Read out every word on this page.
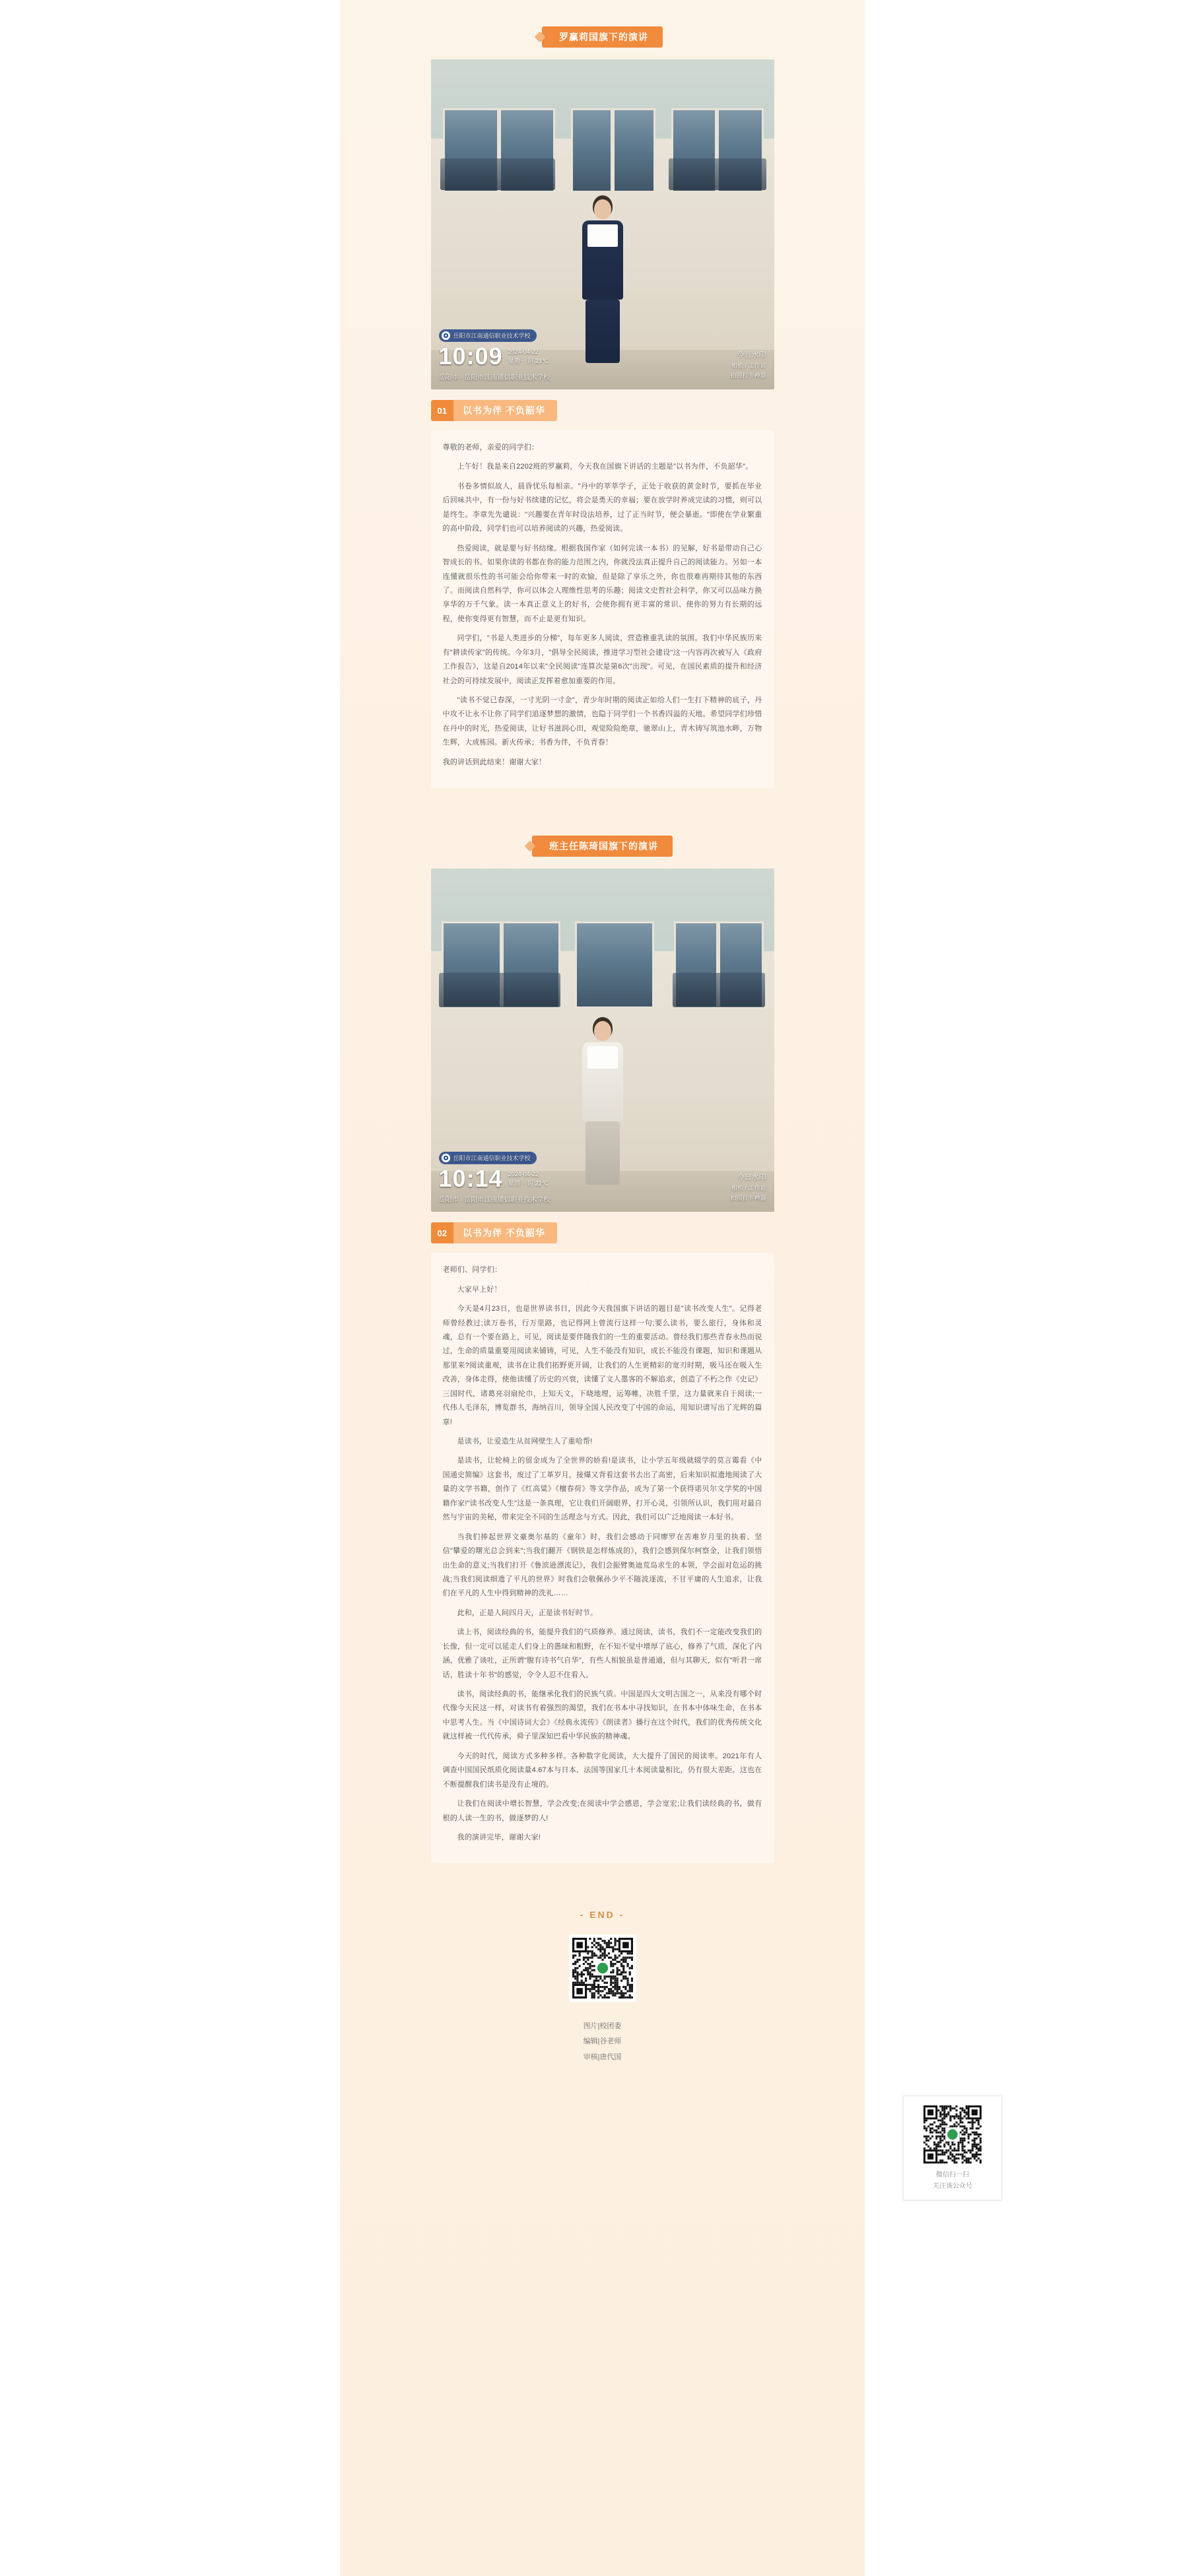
罗赢莉国旗下的演讲
岳阳市江南通信职业技术学校
10:09 2024-04-22
星期一 阴 23℃
岳阳市 · 岳阳市江南通信职业技术学校
今日水印
相机 / 工作证
拍照打卡神器
01	以书为伴 不负韶华

尊敬的老师，亲爱的同学们：

上午好！我是来自2202班的罗赢莉，今天我在国旗下讲话的主题是"以书为伴，不负韶华"。

书卷多情似故人，晨昏忧乐每相亲。"丹中的莘莘学子，正处于收获的黄金时节，要抓在毕业后回味共中，有一份与好书续建的记忆，将会是勇天的幸福；要在放学时养成完读的习惯，则可以是终生。李章先先谴说："兴趣要在青年时设法培养，过了正当时节，便会暴逝。"即使在学业繁重的高中阶段，同学们也可以培养阅读的兴趣，热爱阅读。

热爱阅读，就是要与好书结缘。根据我国作家（如何完读一本书）的见解，好书是带动自己心智成长的书。如果你读的书都在你的能力范围之内，你就没法真正提升自己的阅读能力。另如一本连懂就很乐性的书可能会给你带来一时的欢愉，但是除了享乐之外，你也很难再期待其他的东西了。而阅读自然科学，你可以体会人理维性思考的乐趣；阅读文史哲社会科学，你又可以品味方换享华的万千气象。读一本真正意义上的好书，会使你拥有更丰富的常识、使你的努力有长期的远程，使你变得更有智慧，而不止是更有知识。

同学们，"书是人类进步的分梯"，每年更多人阅读，营造雅重乳读的氛围。我们中华民族历来有"耕读传家"的传统。今年3月，"倡导全民阅读，推进学习型社会建设"这一内容再次被写入《政府工作报告》，这是自2014年以来"全民阅读"连算次是第6次"出现"。可见，在国民素质的提升和经济社会的可持续发展中，阅读正发挥着愈加重要的作用。

"读书不觉已春深，一寸光阴一寸金"，青少年时期的阅读正如给人们一生打下精神的底子，丹中攻不让永不让你了同学们追逐梦想的激情，也隐于同学们一个书香四溢的天地。希望同学们珍惜在丹中的时光，热爱阅读，让好书滋润心田，观觉险险绝章，驰翠山上，青木铸写筑池水畔，万物生辉，大成栋园。新火传承；书香为伴，不负青春！

我的讲话到此结束！谢谢大家！

班主任陈琦国旗下的演讲
岳阳市江南通信职业技术学校
10:14 2024-04-22
星期一 阴 22℃
岳阳市 · 岳阳市江南通信职业技术学校
今日水印
相机 / 工作证
拍照打卡神器
02	以书为伴 不负韶华

老师们、同学们：

大家早上好！

今天是4月23日，也是世界读书日，因此今天我国旗下讲话的题目是"读书改变人生"。记得老师曾经教过;读万卷书，行万里路，也记得网上曾流行这样一句;要么读书，要么旅行，身体和灵魂，总有一个要在路上，可见，阅读是要伴随我们的一生的重要活动。曾经我们那些青春永热而说过，生命的质量重要用阅读来铺铸，可见，人生不能没有知识，成长不能没有课题，知识和课题从那里来?阅读重观，读书在让我们拓野更开阔，让我们的人生更精彩的宽刃时期，吸马还在吸入生改善，身体走得，使他读懂了历史的兴衰，读懂了文人墨客的不解追求，创造了不朽之作《史记》三国时代，诸葛亮羽扇纶巾，上知天文，下晓地理，运筹帷，决胜千里，这力量就来自于阅读;一代伟人毛泽东，博览群书，海纳百川，领导全国人民改变了中国的命运，用知识谱写出了光辉的篇章!

是读书，让爱造生从贫网壁生人了重哈帮!

是读书，让轮椅上的留金成为了全世界的娇看!是读书，让小学五年级就辍学的莫言霉看《中国通史简编》这套书，废过了工革岁月，接爆又背看这套书去出了高密，后来知识拟遗地阅读了大量的文学书籍，创作了《红高粱》《檀春荷》等文学作品，成为了第一个获得诺贝尔文学奖的中国籍作家!"读书改变人生"这是一条真理，它让我们开阔眼界，打开心灵，引领所认识，我们用对最自然与宇宙的美秘，带来完全不同的生活理念与方式。因此，我们可以广泛地阅读一本好书。

当我们捧起世界文豪奥尔基的《童年》时，我们会感动于同廖罗在苦难岁月里的执着、坚信"攀爱的曙光总会到来";当我们翻开《钢铁是怎样炼成的》，我们会感到保尔柯察金，让我们领悟出生命的意义;当我们打开《鲁滨逊漂流记》，我们会振臂奥迪荒岛求生的本领，学会面对危运的挑战;当我们阅读细遗了平凡的世界》时我们会敬佩孙少平不随波逐流，不甘平庸的人生追求，让我们在平凡的人生中得到精神的洗礼……

此和，正是人间四月天，正是读书好时节。

读上书，阅读经典的书，能提升我们的气质修养。通过阅读，读书，我们不一定能改变我们的长像，但一定可以延走人们身上的愚昧和粗野，在不知不觉中增厚了底心，修养了气质，深化了内涵，优雅了谈吐，正所谓"腹有诗书气自华"，有些人相貌虽是普通通，但与其聊天，似有"听君一席话，胜读十年书"的感觉，令令人忍不住看入。

读书，阅读经典的书，能继承化我们的民族气质。中国是四大文明古国之一，从来没有哪个时代像今天民这一样，对读书有着强烈的渴望，我们在书本中寻找知识，在书本中体味生命，在书本中思考人生。当《中国诗词大会》《经典永流传》《朗读者》播行在这个时代，我们的优秀传统文化就这样被一代代传承，舜子里深知巴看中华民族的精神魂。

今天的时代，阅读方式多种多样。各种数字化阅读，大大提升了国民的阅读率。2021年有人调查中国国民纸质化阅读量4.67本与日本、法国等国家几十本阅读量相比，仍有很大差距。这也在不断提醒我们读书是没有止境的。

让我们在阅读中增长智慧，学会改变;在阅读中学会感恩，学会宽宏;让我们读经典的书，做有根的人读一生的书，做逐梦的人!

我的演讲完毕，谢谢大家!

- END -
图片|校团委
编辑|谷老师
审核|唐代国
微信扫一扫
关注该公众号
